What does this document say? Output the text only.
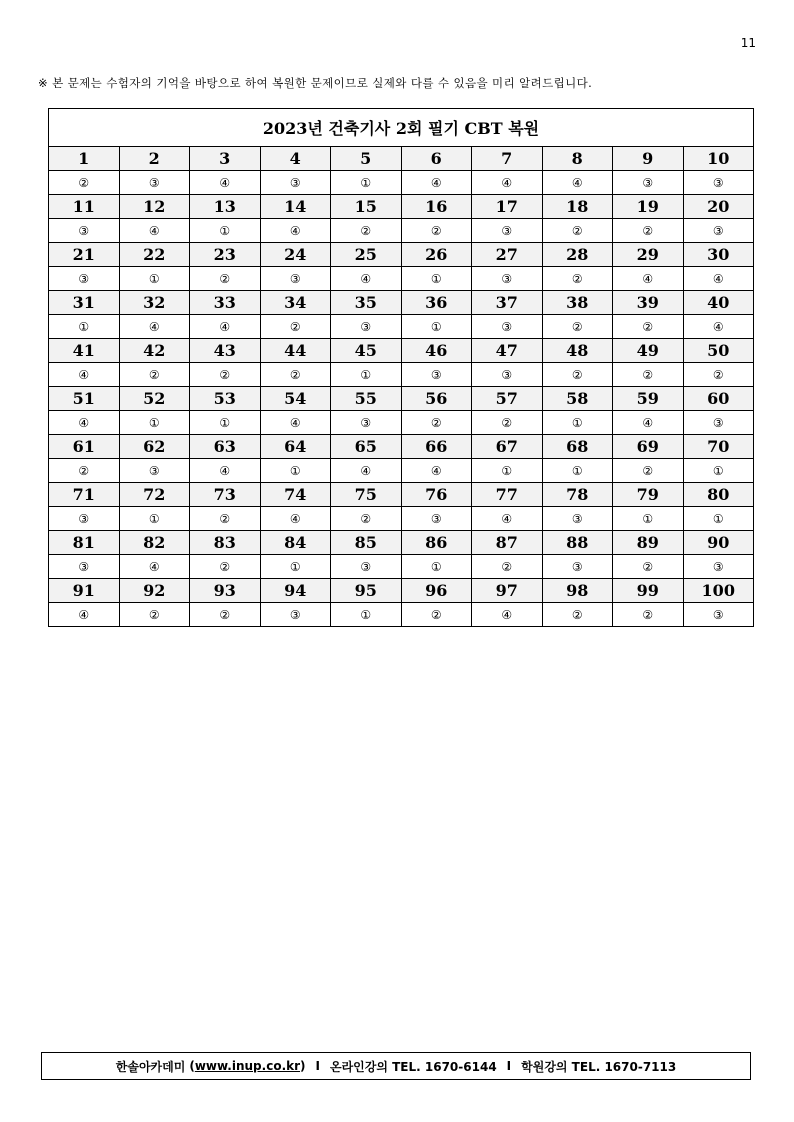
11
※ 본 문제는 수험자의 기억을 바탕으로 하여 복원한 문제이므로 실제와 다를 수 있음을 미리 알려드립니다.
2023년 건축기사 2회 필기 CBT 복원									
1	2	3	4	5	6	7	8	9	10
②	③	④	③	①	④	④	④	③	③
11	12	13	14	15	16	17	18	19	20
③	④	①	④	②	②	③	②	②	③
21	22	23	24	25	26	27	28	29	30
③	①	②	③	④	①	③	②	④	④
31	32	33	34	35	36	37	38	39	40
①	④	④	②	③	①	③	②	②	④
41	42	43	44	45	46	47	48	49	50
④	②	②	②	①	③	③	②	②	②
51	52	53	54	55	56	57	58	59	60
④	①	①	④	③	②	②	①	④	③
61	62	63	64	65	66	67	68	69	70
②	③	④	①	④	④	①	①	②	①
71	72	73	74	75	76	77	78	79	80
③	①	②	④	②	③	④	③	①	①
81	82	83	84	85	86	87	88	89	90
③	④	②	①	③	①	②	③	②	③
91	92	93	94	95	96	97	98	99	100
④	②	②	③	①	②	④	②	②	③
한솔아카데미 ( www.inup.co.kr ) I 온라인강의 TEL. 1670-6144 I 학원강의 TEL. 1670-7113
